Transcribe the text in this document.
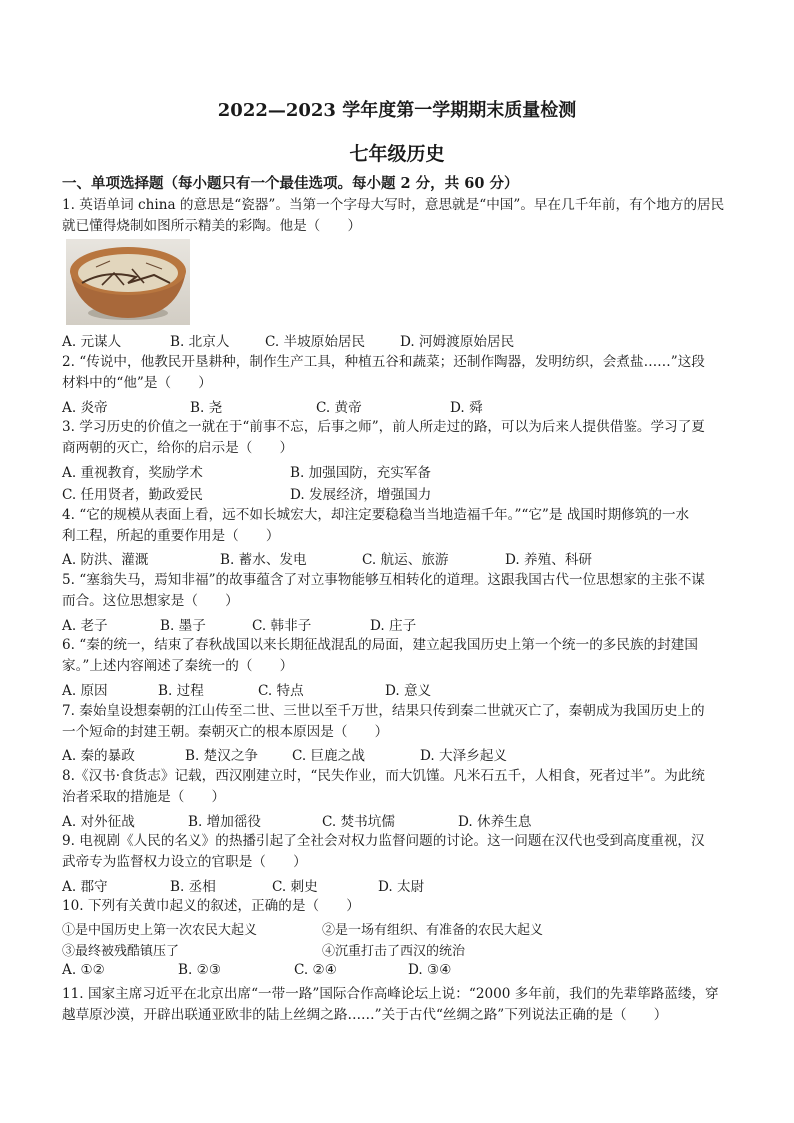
2022—2023 学年度第一学期期末质量检测
七年级历史
一、单项选择题（每小题只有一个最佳选项。每小题 2 分，共 60 分）
1. 英语单词 china 的意思是“瓷器”。当第一个字母大写时，意思就是“中国”。早在几千年前，有个地方的居民
就已懂得烧制如图所示精美的彩陶。他是（　　）
A. 元谋人	B. 北京人	C. 半坡原始居民	D. 河姆渡原始居民
2. “传说中，他教民开垦耕种，制作生产工具，种植五谷和蔬菜；还制作陶器，发明纺织，会煮盐……”这段
材料中的“他”是（　　）
A. 炎帝	B. 尧	C. 黄帝	D. 舜
3. 学习历史的价值之一就在于“前事不忘，后事之师”，前人所走过的路，可以为后来人提供借鉴。学习了夏
商两朝的灭亡，给你的启示是（　　）
A. 重视教育，奖励学术	B. 加强国防，充实军备
C. 任用贤者，勤政爱民	D. 发展经济，增强国力
4. “它的规模从表面上看，远不如长城宏大，却注定要稳稳当当地造福千年。”“它”是 战国时期修筑的一水
利工程，所起的重要作用是（　　）
A. 防洪、灌溉	B. 蓄水、发电	C. 航运、旅游	D. 养殖、科研
5. “塞翁失马，焉知非福”的故事蕴含了对立事物能够互相转化的道理。这跟我国古代一位思想家的主张不谋
而合。这位思想家是（　　）
A. 老子	B. 墨子	C. 韩非子	D. 庄子
6. “秦的统一，结束了春秋战国以来长期征战混乱的局面，建立起我国历史上第一个统一的多民族的封建国
家。”上述内容阐述了秦统一的（　　）
A. 原因	B. 过程	C. 特点	D. 意义
7. 秦始皇设想秦朝的江山传至二世、三世以至千万世，结果只传到秦二世就灭亡了，秦朝成为我国历史上的
一个短命的封建王朝。秦朝灭亡的根本原因是（　　）
A. 秦的暴政	B. 楚汉之争 C. 巨鹿之战	D. 大泽乡起义
8.《汉书·食货志》记载，西汉刚建立时，“民失作业，而大饥馑。凡米石五千，人相食，死者过半”。为此统
治者采取的措施是（　　）
A. 对外征战	B. 增加徭役	C. 焚书坑儒	D. 休养生息
9. 电视剧《人民的名义》的热播引起了全社会对权力监督问题的讨论。这一问题在汉代也受到高度重视，汉
武帝专为监督权力设立的官职是（　　）
A. 郡守	B. 丞相	C. 刺史	D. 太尉
10. 下列有关黄巾起义的叙述，正确的是（　　）
①是中国历史上第一次农民大起义	②是一场有组织、有准备的农民大起义
③最终被残酷镇压了	④沉重打击了西汉的统治
A. ①②	B. ②③	C. ②④	D. ③④
11. 国家主席习近平在北京出席“一带一路”国际合作高峰论坛上说：“2000 多年前，我们的先辈筚路蓝缕，穿
越草原沙漠，开辟出联通亚欧非的陆上丝绸之路……”关于古代“丝绸之路”下列说法正确的是（　　）
